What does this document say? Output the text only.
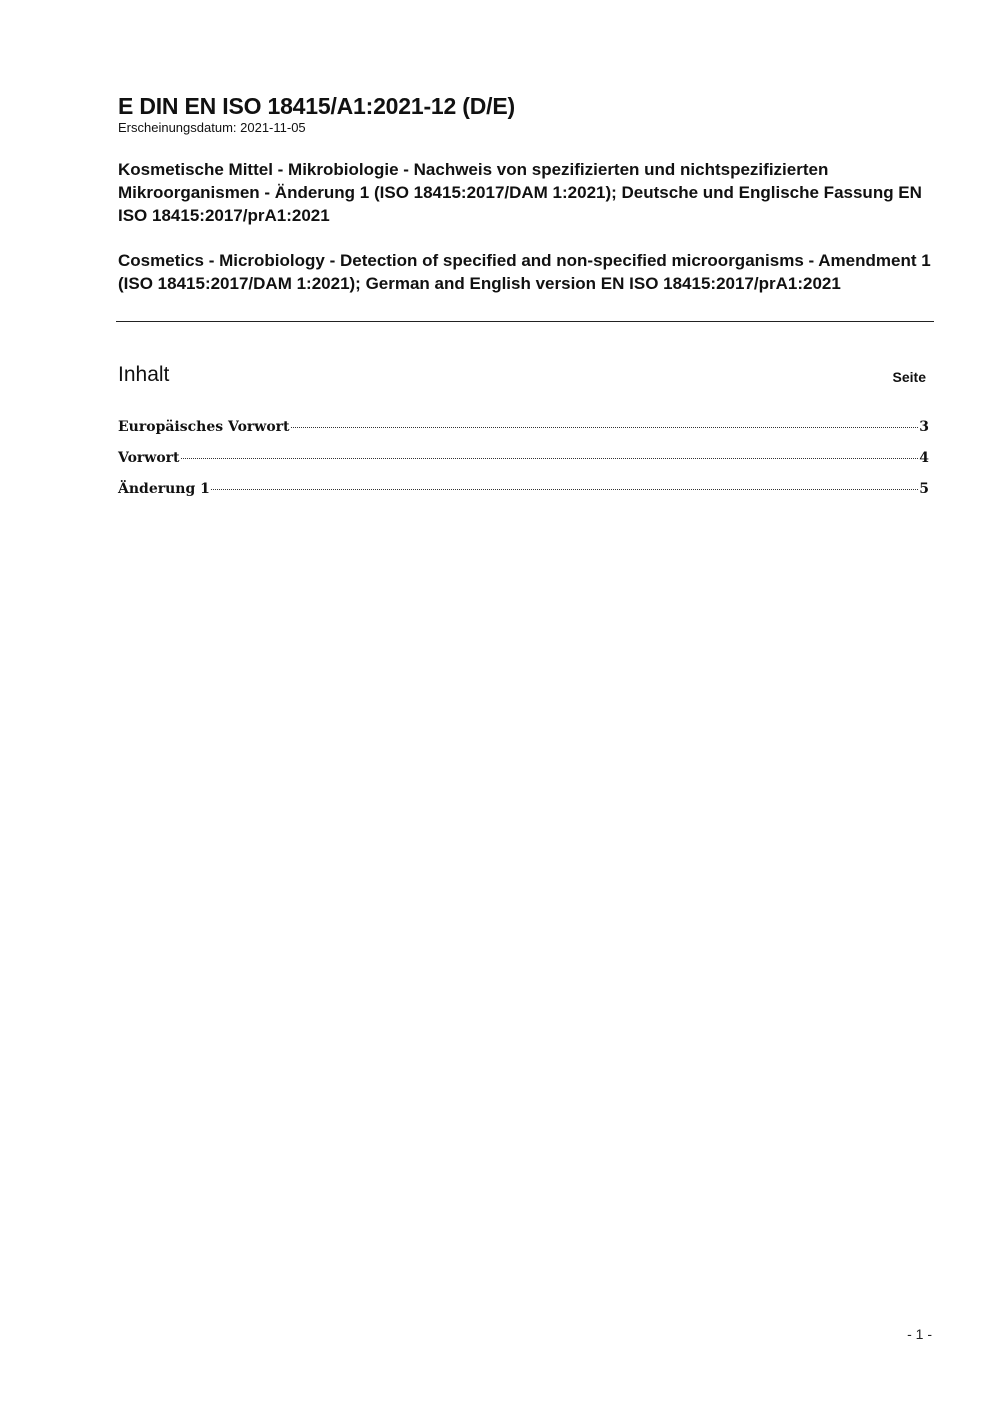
E DIN EN ISO 18415/A1:2021-12 (D/E)

Erscheinungsdatum: 2021-11-05

Kosmetische Mittel - Mikrobiologie - Nachweis von spezifizierten und nichtspezifizierten Mikroorganismen - Änderung 1 (ISO 18415:2017/DAM 1:2021); Deutsche und Englische Fassung EN ISO 18415:2017/prA1:2021
Cosmetics - Microbiology - Detection of specified and non-specified microorganisms - Amendment 1 (ISO 18415:2017/DAM 1:2021); German and English version EN ISO 18415:2017/prA1:2021
Inhalt	Seite
Europäisches Vorwort	3
Vorwort	4
Änderung 1	5
- 1 -
